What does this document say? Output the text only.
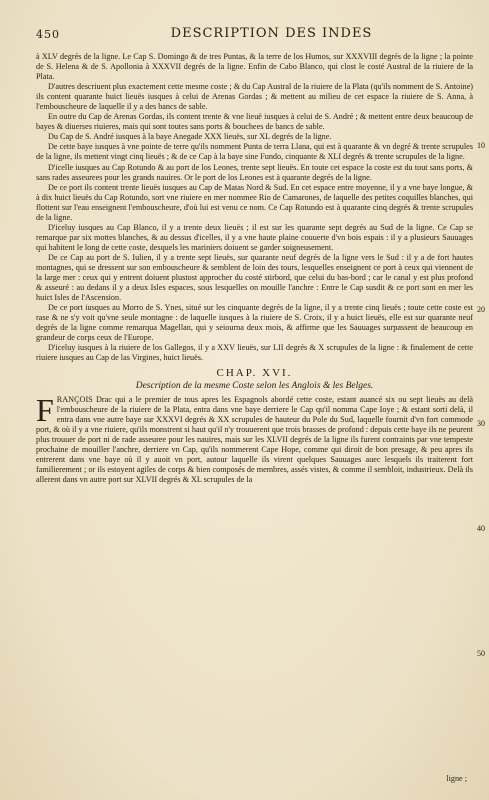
450	DESCRIPTION DES INDES

à XLV degrés de la ligne. Le Cap S. Domingo & de tres Puntas, & la terre de los Humos, sur XXXVIII degrés de la ligne ; la pointe de S. Helena & de S. Apollonia à XXXVII degrés de la ligne. Enfin de Cabo Blanco, qui clost le costé Austral de la riuiere de la Plata.

D'autres descriuent plus exactement cette mesme coste ; & du Cap Austral de la riuiere de la Plata (qu'ils nomment de S. Antoine) ils content quarante huict lieuës iusques à celui de Arenas Gordas ; & mettent au milieu de cet espace la riuiere de S. Anna, à l'embouscheure de laquelle il y a des bancs de sable.

En outre du Cap de Arenas Gordas, ils content trente & vne lieuë iusques à celui de S. André ; & mettent entre deux beaucoup de bayes & diuerses riuieres, mais qui sont toutes sans ports & bouchees de bancs de sable.

Du Cap de S. André iusques à la baye Anegade XXX lieuës, sur XL degrés de la ligne.

De cette baye iusques à vne pointe de terre qu'ils nomment Punta de terra Llana, qui est à quarante & vn degré & trente scrupules de la ligne, ils mettent vingt cinq lieuës ; & de ce Cap à la baye sine Fundo, cinquante & XLI degrés & trente scrupules de la ligne.

D'icelle iusques au Cap Rotundo & au port de los Leones, trente sept lieuës. En toute cet espace la coste est du tout sans ports, & sans rades asseurees pour les grands nauires. Or le port de los Leones est à quarante degrés de la ligne.

De ce port ils content trente lieuës iusques au Cap de Matas Nord & Sud. En cet espace entre moyenne, il y a vne baye longue, & à dix huict lieuës du Cap Rotundo, sort vne riuiere en mer nommee Rio de Camarones, de laquelle des petites coquilles blanches, qui flottent sur l'eau enseignent l'embouscheure, d'où lui est venu ce nom. Ce Cap Rotundo est à quarante cinq degrés & trente scrupules de la ligne.

D'iceluy iusques au Cap Blanco, il y a trente deux lieuës ; il est sur les quarante sept degrés au Sud de la ligne. Ce Cap se remarque par six mottes blanches, & au dessus d'icelles, il y a vne haute plaine couuerte d'vn bois espais : il y a plusieurs Sauuages qui habitent le long de cette coste, desquels les mariniers doiuent se garder soigneusement.

De ce Cap au port de S. Iulien, il y a trente sept lieuës, sur quarante neuf degrés de la ligne vers le Sud : il y a de fort hautes montagnes, qui se dressent sur son embouscheure & semblent de loin des tours, lesquelles enseignent ce port à ceux qui viennent de la large mer : ceux qui y entrent doiuent plustost approcher du costé stirbord, que celui du bas-bord ; car le canal y est plus profond & asseuré : au dedans il y a deux Isles espaces, sous lesquelles on mouille l'anchre : Entre le Cap susdit & ce port sont en mer les huict Isles de l'Ascension.

De ce port iusques au Morro de S. Ynes, situé sur les cinquante degrés de la ligne, il y a trente cinq lieuës ; toute cette coste est rase & ne s'y voit qu'vne seule montagne : de laquelle iusques à la riuiere de S. Croix, il y a huict lieuës, elle est sur quarante neuf degrés de la ligne comme remarqua Magellan, qui y seiourna deux mois, & affirme que les Sauuages surpassent de beaucoup en grandeur de corps ceux de l'Europe.

D'iceluy iusques à la riuiere de los Gallegos, il y a XXV lieuës, sur LII degrés & X scrupules de la ligne : & finalement de cette riuiere iusques au Cap de las Virgines, huict lieuës.

CHAP. XVI.
Description de la mesme Coste selon les Anglois & les Belges.

FRANÇOIS Drac qui a le premier de tous apres les Espagnols abordé cette coste, estant auancé six ou sept lieuës au delà l'embouscheure de la riuiere de la Plata, entra dans vne baye derriere le Cap qu'il nomma Cape Ioye ; & estant sorti delà, il entra dans vne autre baye sur XXXVI degrés & XX scrupules de hauteur du Pole du Sud, laquelle fournit d'vn fort commode port, & où il y a vne riuiere, qu'ils monstrent si haut qu'il n'y trouuerent que trois brasses de profond : depuis cette baye ils ne peurent plus trouuer de port ni de rade asseuree pour les nauires, mais sur les XLVII degrés de la ligne ils furent contraints par vne tempeste prochaine de mouiller l'anchre, derriere vn Cap, qu'ils nommerent Cape Hope, comme qui diroit de bon presage, & peu apres ils entrerent dans vne baye où il y auoit vn port, autour laquelle ils virent quelques Sauuages auec lesquels ils traiterent fort familierement ; or ils estoyent agiles de corps & bien composés de membres, assés vistes, & comme il sembloit, industrieux. Delà ils allerent dans vn autre port sur XLVII degrés & XL scrupules de la

10
20
30
40
50
ligne ;
